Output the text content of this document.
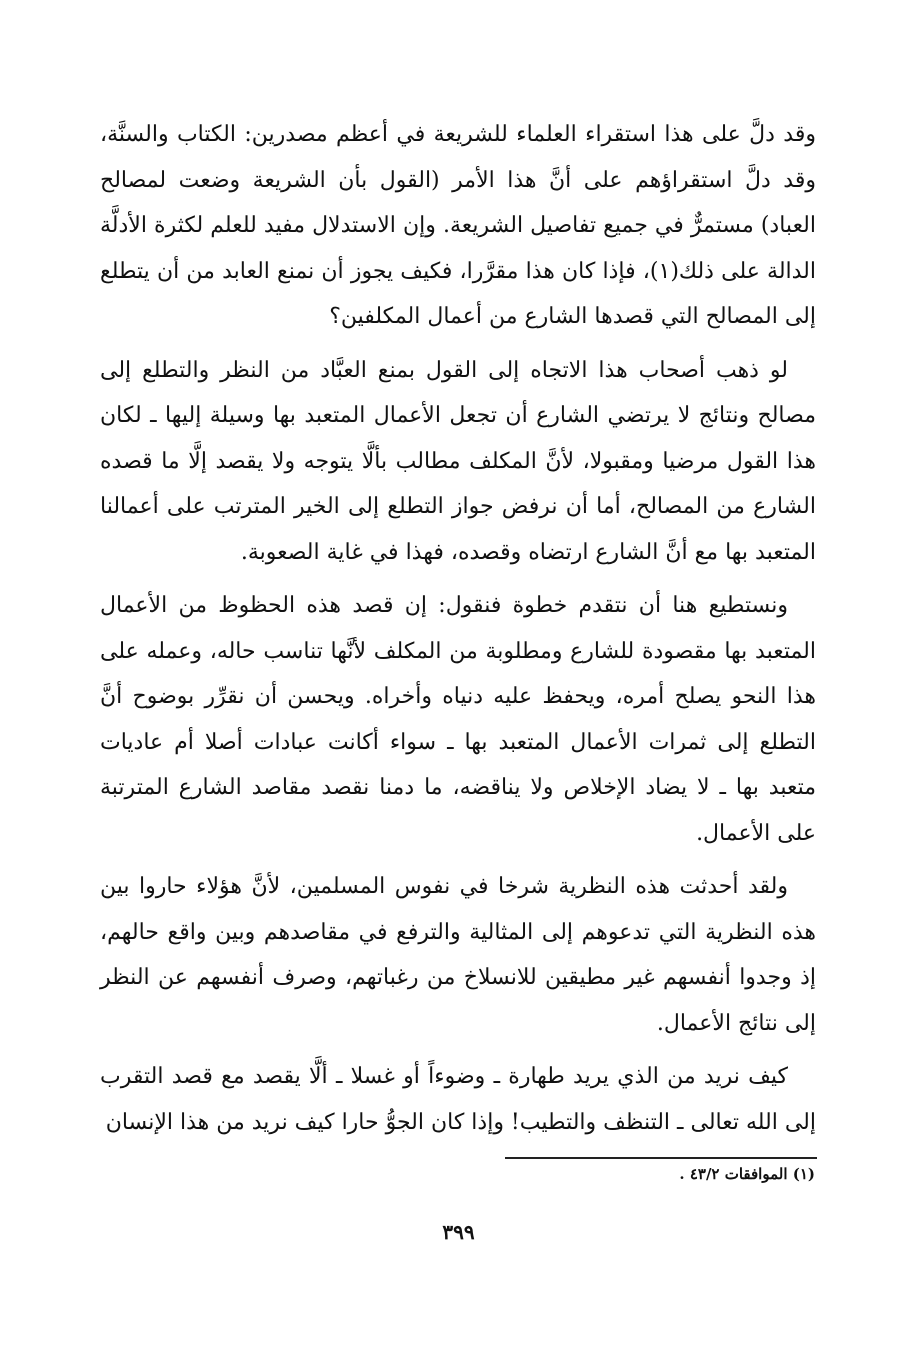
وقد دلَّ على هذا استقراء العلماء للشريعة في أعظم مصدرين: الكتاب والسنَّة، وقد دلَّ استقراؤهم على أنَّ هذا الأمر (القول بأن الشريعة وضعت لمصالح العباد) مستمرٌّ في جميع تفاصيل الشريعة. وإن الاستدلال مفيد للعلم لكثرة الأدلَّة الدالة على ذلك(١)، فإذا كان هذا مقرَّرا، فكيف يجوز أن نمنع العابد من أن يتطلع إلى المصالح التي قصدها الشارع من أعمال المكلفين؟

لو ذهب أصحاب هذا الاتجاه إلى القول بمنع العبَّاد من النظر والتطلع إلى مصالح ونتائج لا يرتضي الشارع أن تجعل الأعمال المتعبد بها وسيلة إليها ـ لكان هذا القول مرضيا ومقبولا، لأنَّ المكلف مطالب بألَّا يتوجه ولا يقصد إلَّا ما قصده الشارع من المصالح، أما أن نرفض جواز التطلع إلى الخير المترتب على أعمالنا المتعبد بها مع أنَّ الشارع ارتضاه وقصده، فهذا في غاية الصعوبة.

ونستطيع هنا أن نتقدم خطوة فنقول: إن قصد هذه الحظوظ من الأعمال المتعبد بها مقصودة للشارع ومطلوبة من المكلف لأنَّها تناسب حاله، وعمله على هذا النحو يصلح أمره، ويحفظ عليه دنياه وأخراه. ويحسن أن نقرِّر بوضوح أنَّ التطلع إلى ثمرات الأعمال المتعبد بها ـ سواء أكانت عبادات أصلا أم عاديات متعبد بها ـ لا يضاد الإخلاص ولا يناقضه، ما دمنا نقصد مقاصد الشارع المترتبة على الأعمال.

ولقد أحدثت هذه النظرية شرخا في نفوس المسلمين، لأنَّ هؤلاء حاروا بين هذه النظرية التي تدعوهم إلى المثالية والترفع في مقاصدهم وبين واقع حالهم، إذ وجدوا أنفسهم غير مطيقين للانسلاخ من رغباتهم، وصرف أنفسهم عن النظر إلى نتائج الأعمال.

كيف نريد من الذي يريد طهارة ـ وضوءاً أو غسلا ـ ألَّا يقصد مع قصد التقرب إلى الله تعالى ـ التنظف والتطيب! وإذا كان الجوُّ حارا كيف نريد من هذا الإنسان

(١) الموافقات ٤٣/٢ .
٣٩٩
